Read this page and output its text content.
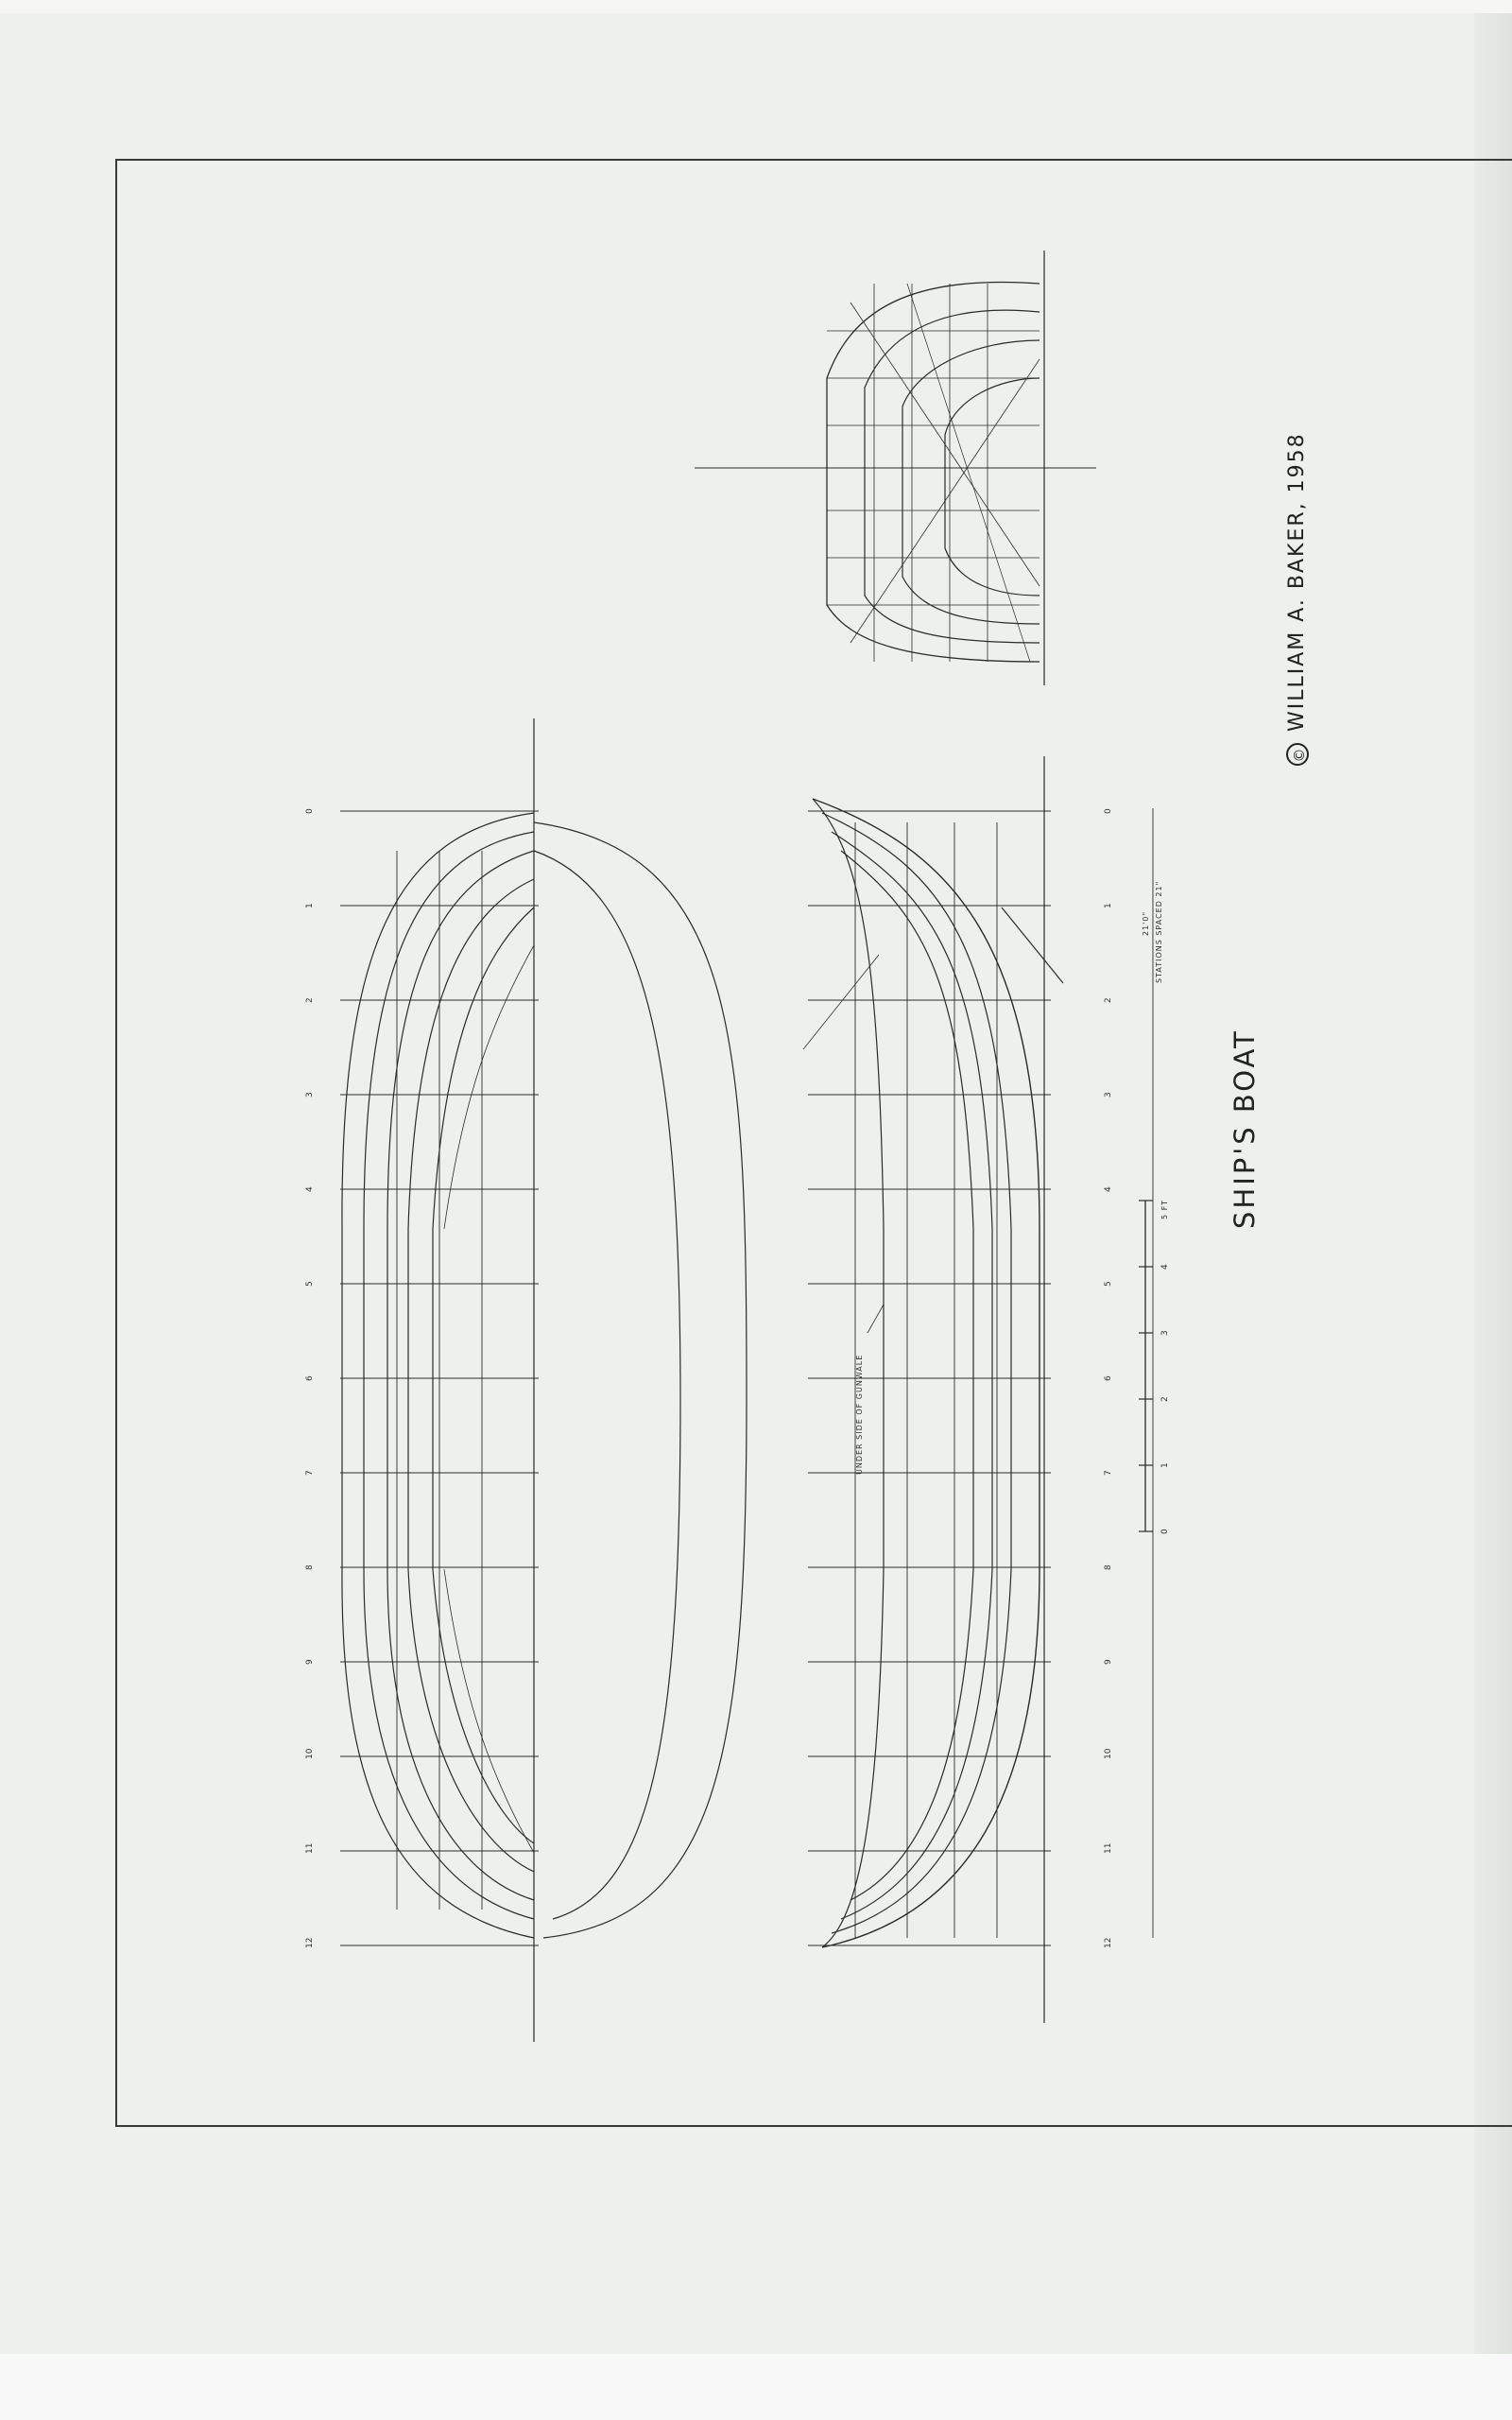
0	0
1	1
2	2
3	3
4	4
5	5
6	6
7	7
8	8
9	9
10	10
11	11
12	12
0
1
2
3
4
SHIP'S BOAT
©
WILLIAM A. BAKER, 1958
UNDER SIDE OF GUNWALE
STATIONS SPACED 21"
21'0"
5 FT
